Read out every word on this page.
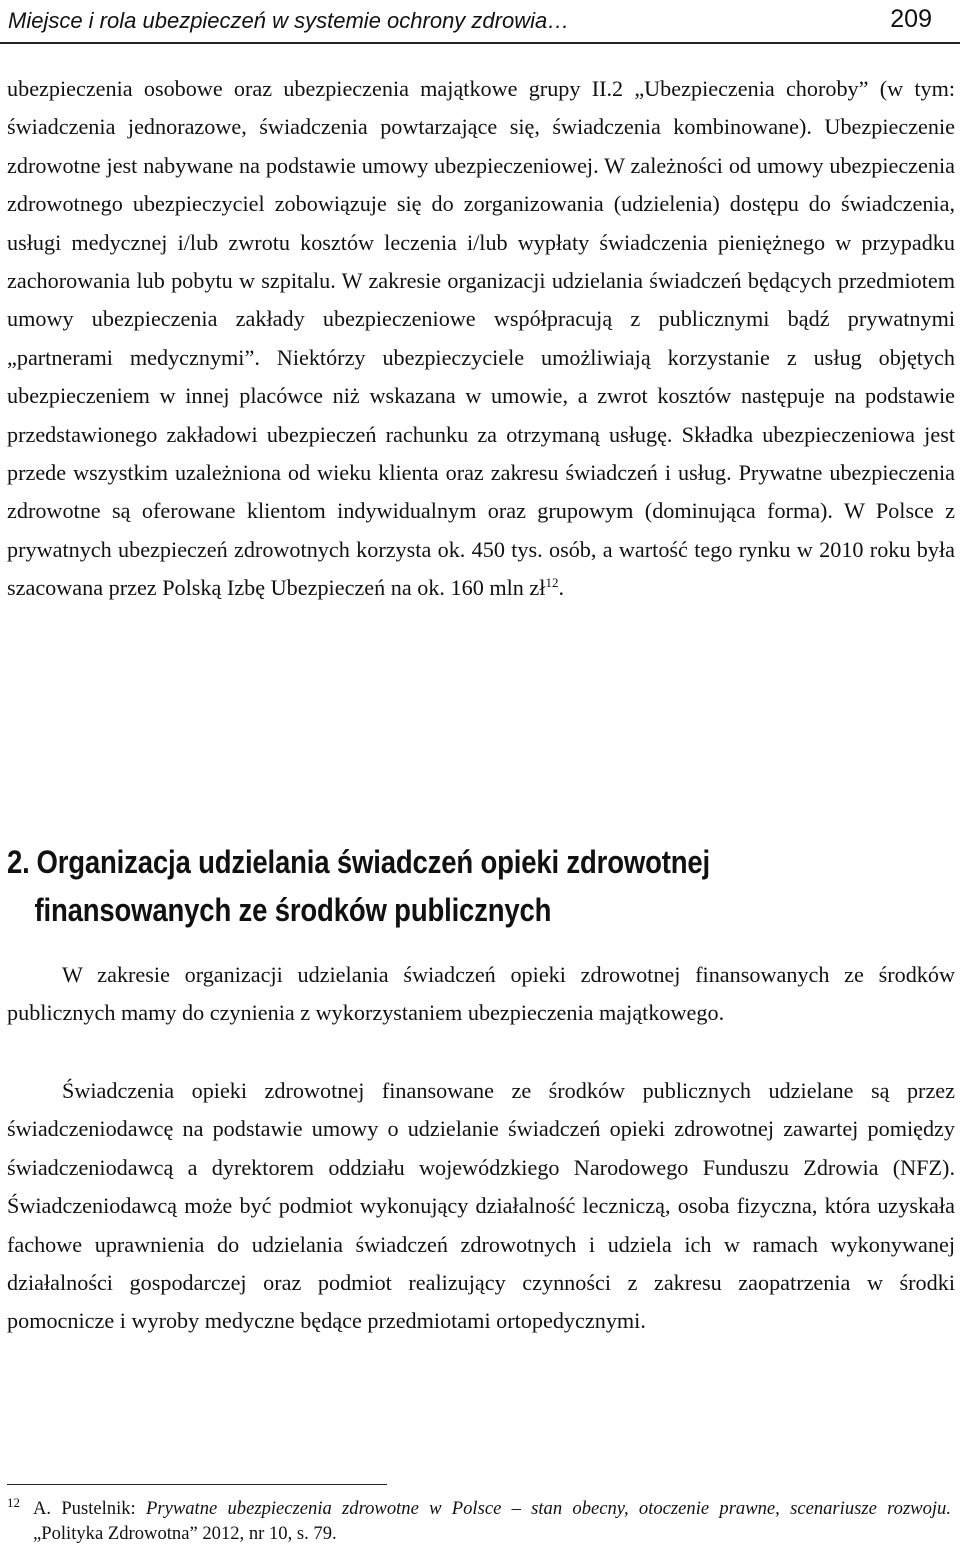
Miejsce i rola ubezpieczeń w systemie ochrony zdrowia…	209

ubezpieczenia osobowe oraz ubezpieczenia majątkowe grupy II.2 „Ubezpieczenia choroby” (w tym: świadczenia jednorazowe, świadczenia powtarzające się, świadczenia kombinowane). Ubezpieczenie zdrowotne jest nabywane na podstawie umowy ubezpieczeniowej. W zależności od umowy ubezpieczenia zdrowotnego ubezpieczyciel zobowiązuje się do zorganizowania (udzielenia) dostępu do świadczenia, usługi medycznej i/lub zwrotu kosztów leczenia i/lub wypłaty świadczenia pieniężnego w przypadku zachorowania lub pobytu w szpitalu. W zakresie organizacji udzielania świadczeń będących przedmiotem umowy ubezpieczenia zakłady ubezpieczeniowe współpracują z publicznymi bądź prywatnymi „partnerami medycznymi”. Niektórzy ubezpieczyciele umożliwiają korzystanie z usług objętych ubezpieczeniem w innej placówce niż wskazana w umowie, a zwrot kosztów następuje na podstawie przedstawionego zakładowi ubezpieczeń rachunku za otrzymaną usługę. Składka ubezpieczeniowa jest przede wszystkim uzależniona od wieku klienta oraz zakresu świadczeń i usług. Prywatne ubezpieczenia zdrowotne są oferowane klientom indywidualnym oraz grupowym (dominująca forma). W Polsce z prywatnych ubezpieczeń zdrowotnych korzysta ok. 450 tys. osób, a wartość tego rynku w 2010 roku była szacowana przez Polską Izbę Ubezpieczeń na ok. 160 mln $zł^{12}$.

2. Organizacja udzielania świadczeń opieki zdrowotnej
finansowanych ze środków publicznych

W zakresie organizacji udzielania świadczeń opieki zdrowotnej finansowanych ze środków publicznych mamy do czynienia z wykorzystaniem ubezpieczenia majątkowego.

Świadczenia opieki zdrowotnej finansowane ze środków publicznych udzielane są przez świadczeniodawcę na podstawie umowy o udzielanie świadczeń opieki zdrowotnej zawartej pomiędzy świadczeniodawcą a dyrektorem oddziału wojewódzkiego Narodowego Funduszu Zdrowia (NFZ). Świadczeniodawcą może być podmiot wykonujący działalność leczniczą, osoba fizyczna, która uzyskała fachowe uprawnienia do udzielania świadczeń zdrowotnych i udziela ich w ramach wykonywanej działalności gospodarczej oraz podmiot realizujący czynności z zakresu zaopatrzenia w środki pomocnicze i wyroby medyczne będące przedmiotami ortopedycznymi.

12 A. Pustelnik: Prywatne ubezpieczenia zdrowotne w Polsce – stan obecny, otoczenie prawne, scenariusze rozwoju. „Polityka Zdrowotna” 2012, nr 10, s. 79.
